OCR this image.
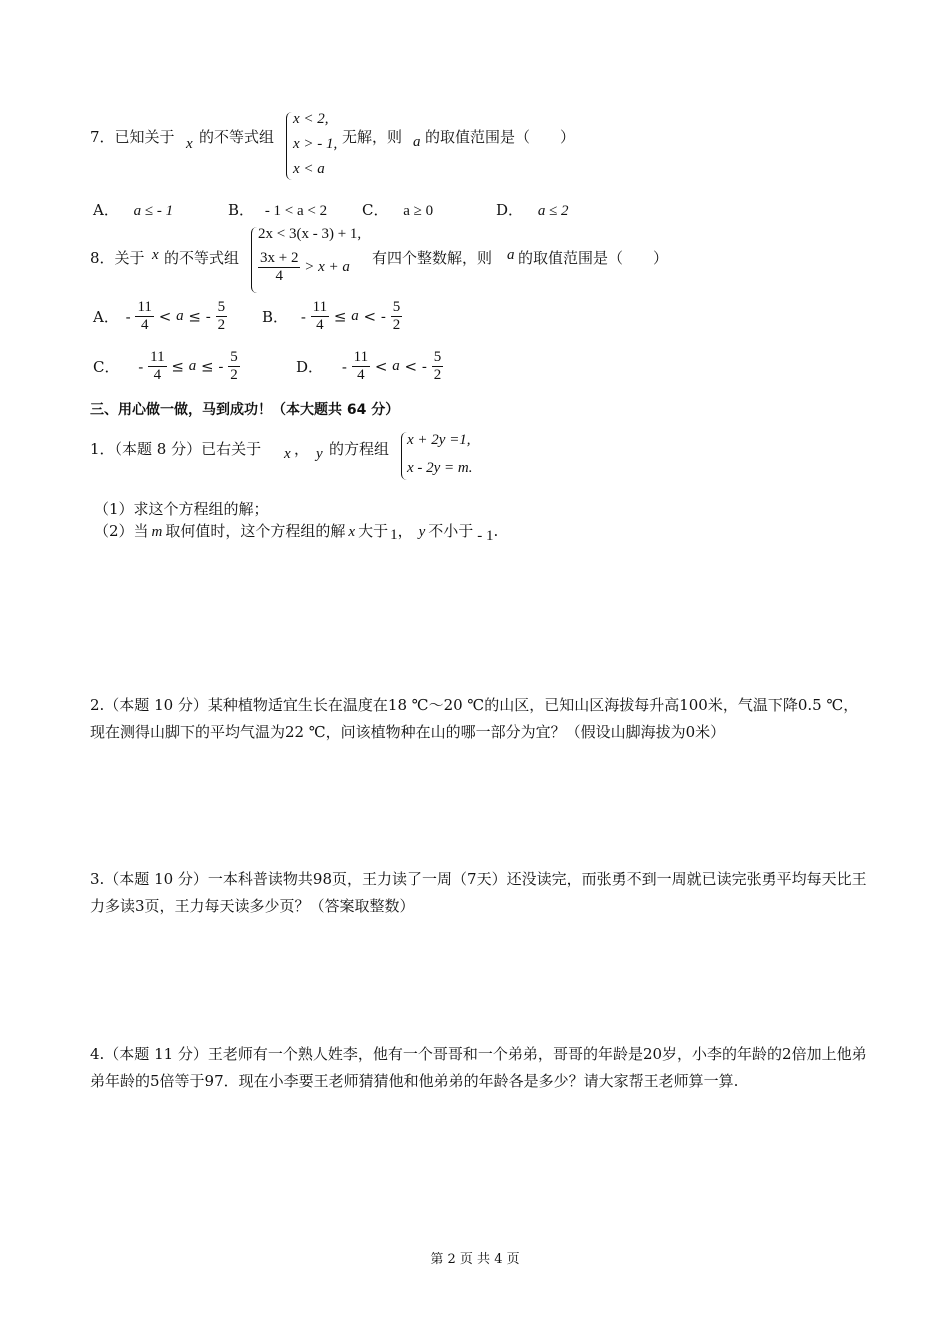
7．已知关于 x 的不等式组
x < 2,
x > - 1,
x < a
无解，则 a 的取值范围是（　　）
A． a ≤ - 1	B． - 1 < a < 2 C． a ≥ 0	D． a ≤ 2
8．关于 x 的不等式组
2x < 3(x - 3) + 1,
$\frac{3x + 2}{4} > x + a$ 有四个整数解，则 a 的取值范围是（　　）
A． - $\frac{11}{4} < a$ ≤ - $\frac{5}{2}$ B． - $\frac{11}{4} \le a$ < - $\frac{5}{2}$
C． - $\frac{11}{4} \le a$ ≤ - $\frac{5}{2}$	D． - $\frac{11}{4} < a$ < - $\frac{5}{2}$
三、用心做一做，马到成功！（本大题共 64 分）
1．（本题 8 分）已右关于 x ， y 的方程组 x + 2y =1,
x - 2y = m.
（1）求这个方程组的解；
（2）当 m 取何值时，这个方程组的解 x 大于 1， y 不小于 - 1.
2.（本题 10 分）某种植物适宜生长在温度在18 ℃～20 ℃的山区，已知山区海拔每升高100米，气温下降0.5 ℃，现在测得山脚下的平均气温为22 ℃，问该植物种在山的哪一部分为宜？（假设山脚海拔为0米）
3.（本题 10 分）一本科普读物共98页，王力读了一周（7天）还没读完，而张勇不到一周就已读完张勇平均每天比王力多读3页，王力每天读多少页？（答案取整数）
4.（本题 11 分）王老师有一个熟人姓李，他有一个哥哥和一个弟弟，哥哥的年龄是20岁，小李的年龄的2倍加上他弟弟年龄的5倍等于97．现在小李要王老师猜猜他和他弟弟的年龄各是多少？请大家帮王老师算一算.
第 2 页 共 4 页
